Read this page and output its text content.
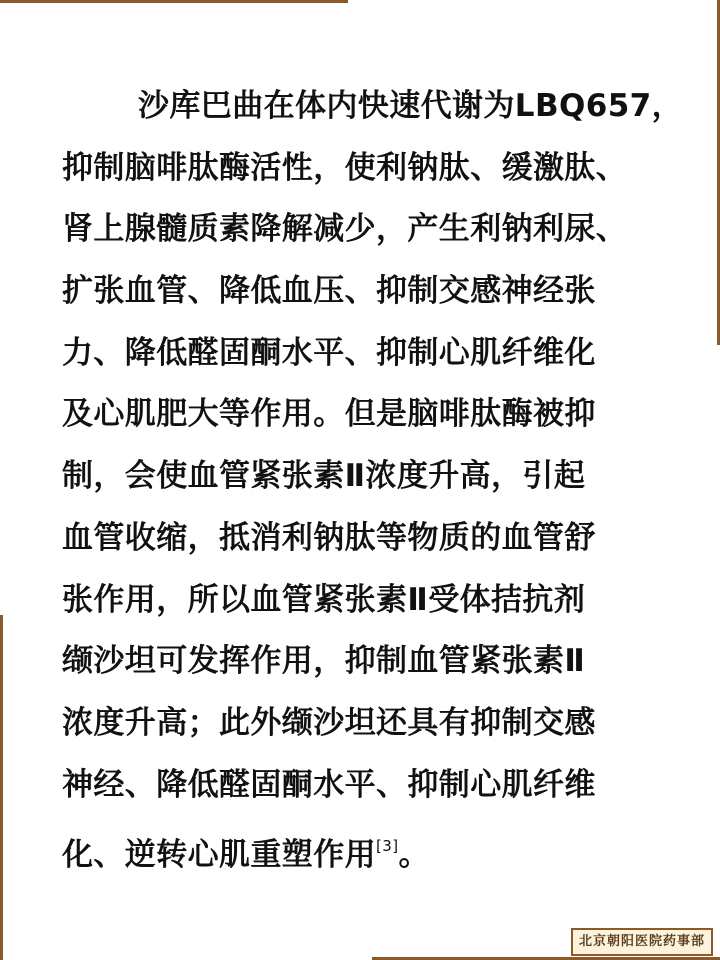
沙库巴曲在体内快速代谢为LBQ657，
抑制脑啡肽酶活性，使利钠肽、缓激肽、
肾上腺髓质素降解减少，产生利钠利尿、
扩张血管、降低血压、抑制交感神经张
力、降低醛固酮水平、抑制心肌纤维化
及心肌肥大等作用。但是脑啡肽酶被抑
制，会使血管紧张素Ⅱ浓度升高，引起
血管收缩，抵消利钠肽等物质的血管舒
张作用，所以血管紧张素Ⅱ受体拮抗剂
缬沙坦可发挥作用，抑制血管紧张素Ⅱ
浓度升高；此外缬沙坦还具有抑制交感
神经、降低醛固酮水平、抑制心肌纤维
化、逆转心肌重塑作用[3]。
北京朝阳医院药事部
